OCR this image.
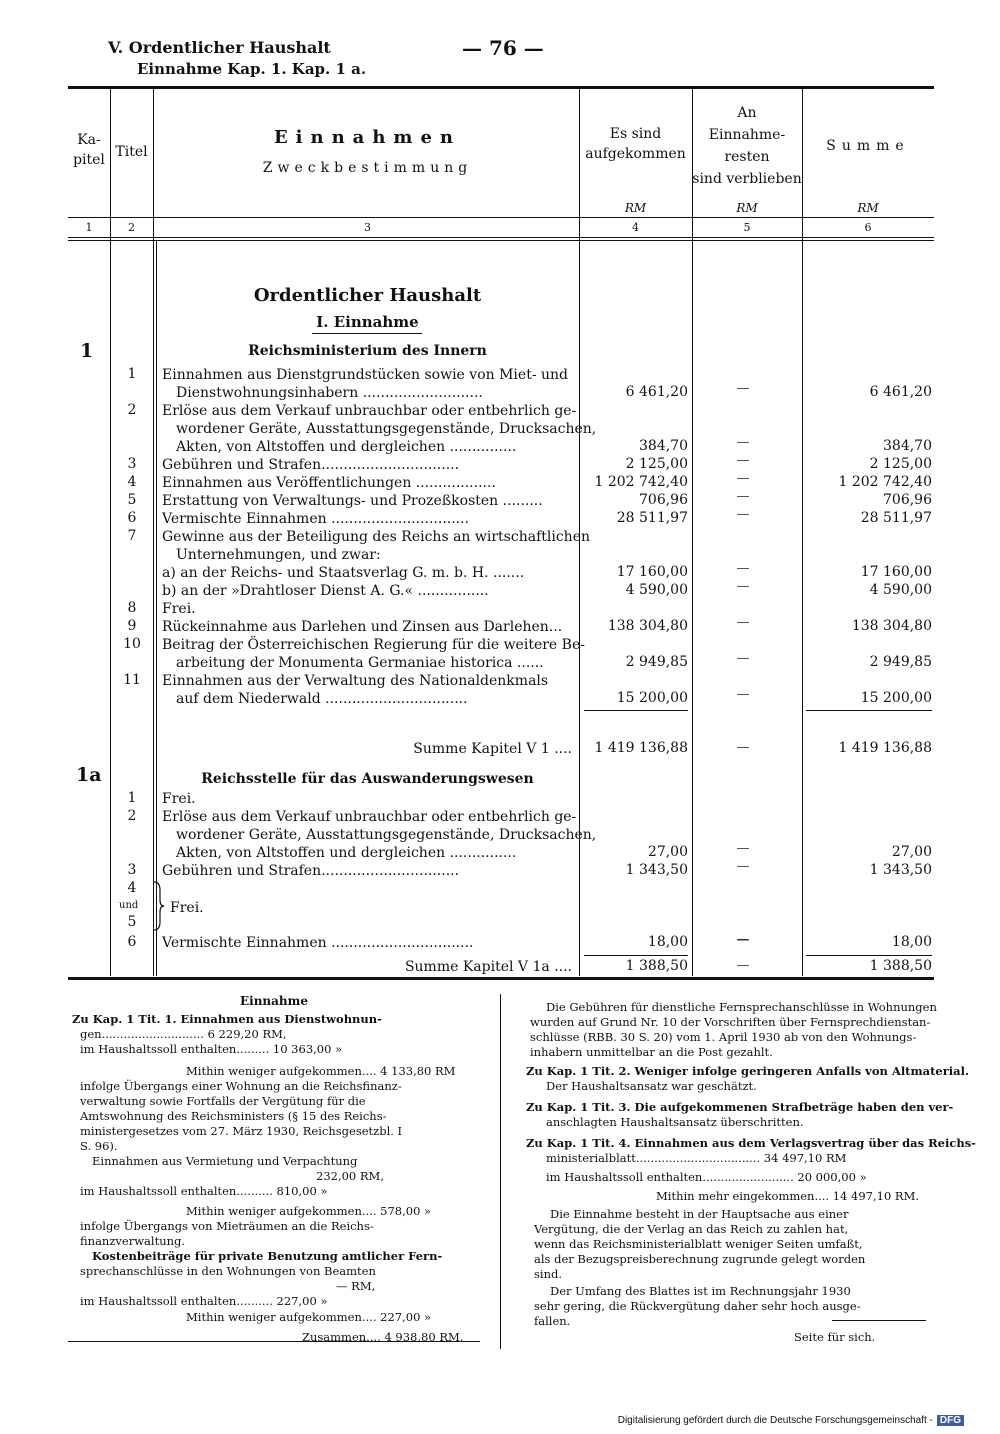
V. Ordentlicher Haushalt
Einnahme Kap. 1. Kap. 1 a.
— 76 —
Ka-
pitel Titel
Einnahmen
Zweckbestimmung
Es sind
aufgekommen
An
Einnahme-
resten
sind verblieben
Summe
RM	RM	RM
1	2	3	4	5	6
Ordentlicher Haushalt
I. Einnahme
Reichsministerium des Innern
1
1	Einnahmen aus Dienstgrundstücken sowie von Miet- und
Dienstwohnungsinhabern ...........................	6 461,20	—	6 461,20
2	Erlöse aus dem Verkauf unbrauchbar oder entbehrlich ge-
wordener Geräte, Ausstattungsgegenstände, Drucksachen,
Akten, von Altstoffen und dergleichen ...............	384,70	—	384,70
3	Gebühren und Strafen...............................	2 125,00	—	2 125,00
4	Einnahmen aus Veröffentlichungen ..................	1 202 742,40	—	1 202 742,40
5	Erstattung von Verwaltungs- und Prozeßkosten .........	706,96	—	706,96
6	Vermischte Einnahmen ...............................	28 511,97	—	28 511,97
7	Gewinne aus der Beteiligung des Reichs an wirtschaftlichen
Unternehmungen, und zwar:
a) an der Reichs- und Staatsverlag G. m. b. H. .......	17 160,00	—	17 160,00
b) an der »Drahtloser Dienst A. G.« ................	4 590,00	—	4 590,00
8	Frei.
9	Rückeinnahme aus Darlehen und Zinsen aus Darlehen...	138 304,80	—	138 304,80
10 Beitrag der Österreichischen Regierung für die weitere Be-
arbeitung der Monumenta Germaniae historica ......	2 949,85	—	2 949,85
11 Einnahmen aus der Verwaltung des Nationaldenkmals
auf dem Niederwald ................................	15 200,00	—	15 200,00
Summe Kapitel V 1 ....	1 419 136,88	—	1 419 136,88
1a	Reichsstelle für das Auswanderungswesen
1	Frei.
2	Erlöse aus dem Verkauf unbrauchbar oder entbehrlich ge-
wordener Geräte, Ausstattungsgegenstände, Drucksachen,
Akten, von Altstoffen und dergleichen ...............	27,00	—	27,00
3	Gebühren und Strafen...............................	1 343,50	—	1 343,50
4
und
5
Frei.
6	Vermischte Einnahmen ................................	18,00	—	18,00
Summe Kapitel V 1a ....	1 388,50	—	1 388,50
Einnahme
Zu Kap. 1 Tit. 1. Einnahmen aus Dienstwohnun-
gen............................ 6 229,20 RM,
im Haushaltssoll enthalten......... 10 363,00 »
Mithin weniger aufgekommen.... 4 133,80 RM
infolge Übergangs einer Wohnung an die Reichsfinanz-
verwaltung sowie Fortfalls der Vergütung für die
Amtswohnung des Reichsministers (§ 15 des Reichs-
ministergesetzes vom 27. März 1930, Reichsgesetzbl. I
S. 96).
Einnahmen aus Vermietung und Verpachtung
232,00 RM,
im Haushaltssoll enthalten.......... 810,00 »
Mithin weniger aufgekommen.... 578,00 »
infolge Übergangs von Mieträumen an die Reichs-
finanzverwaltung.
Kostenbeiträge für private Benutzung amtlicher Fern-
sprechanschlüsse in den Wohnungen von Beamten
— RM,
im Haushaltssoll enthalten.......... 227,00 »
Mithin weniger aufgekommen.... 227,00 »
Zusammen.... 4 938,80 RM.
Die Gebühren für dienstliche Fernsprechanschlüsse in Wohnungen
wurden auf Grund Nr. 10 der Vorschriften über Fernsprechdienstan-
schlüsse (RBB. 30 S. 20) vom 1. April 1930 ab von den Wohnungs-
inhabern unmittelbar an die Post gezahlt.
Zu Kap. 1 Tit. 2. Weniger infolge geringeren Anfalls von Altmaterial.
Der Haushaltsansatz war geschätzt.
Zu Kap. 1 Tit. 3. Die aufgekommenen Strafbeträge haben den ver-
anschlagten Haushaltsansatz überschritten.
Zu Kap. 1 Tit. 4. Einnahmen aus dem Verlagsvertrag über das Reichs-
ministerialblatt.................................. 34 497,10 RM
im Haushaltssoll enthalten......................... 20 000,00 »
Mithin mehr eingekommen.... 14 497,10 RM.
Die Einnahme besteht in der Hauptsache aus einer
Vergütung, die der Verlag an das Reich zu zahlen hat,
wenn das Reichsministerialblatt weniger Seiten umfaßt,
als der Bezugspreisberechnung zugrunde gelegt worden
sind.
Der Umfang des Blattes ist im Rechnungsjahr 1930
sehr gering, die Rückvergütung daher sehr hoch ausge-
fallen.
Seite für sich.
Digitalisierung gefördert durch die Deutsche Forschungsgemeinschaft - DFG
